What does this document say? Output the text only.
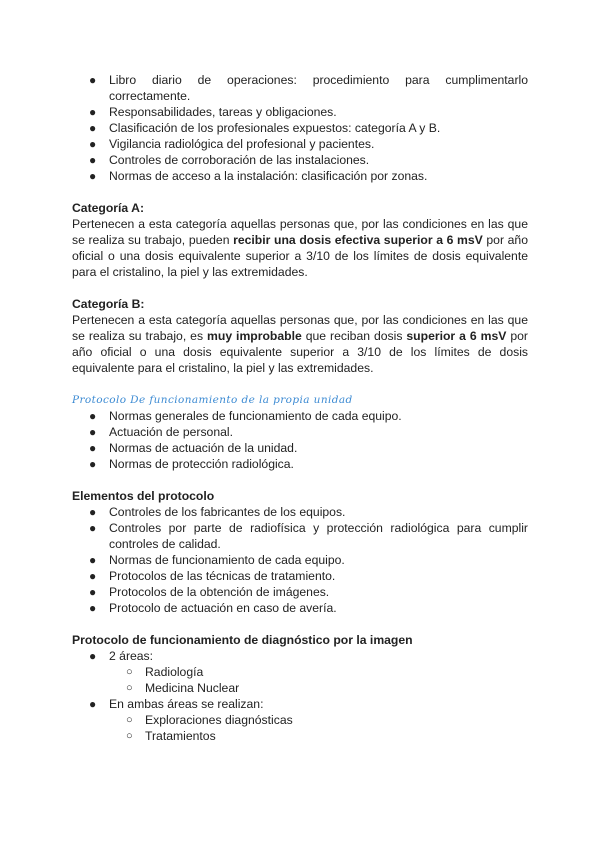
● Libro diario de operaciones: procedimiento para cumplimentarlo correctamente.
● Responsabilidades, tareas y obligaciones.
● Clasificación de los profesionales expuestos: categoría A y B.
● Vigilancia radiológica del profesional y pacientes.
● Controles de corroboración de las instalaciones.
● Normas de acceso a la instalación: clasificación por zonas.
Categoría A:

Pertenecen a esta categoría aquellas personas que, por las condiciones en las que se realiza su trabajo, pueden recibir una dosis efectiva superior a 6 msV por año oficial o una dosis equivalente superior a 3/10 de los límites de dosis equivalente para el cristalino, la piel y las extremidades.

Categoría B:

Pertenecen a esta categoría aquellas personas que, por las condiciones en las que se realiza su trabajo, es muy improbable que reciban dosis superior a 6 msV por año oficial o una dosis equivalente superior a 3/10 de los límites de dosis equivalente para el cristalino, la piel y las extremidades.

Protocolo De funcionamiento de la propia unidad
● Normas generales de funcionamiento de cada equipo.
● Actuación de personal.
● Normas de actuación de la unidad.
● Normas de protección radiológica.
Elementos del protocolo
● Controles de los fabricantes de los equipos.
● Controles por parte de radiofísica y protección radiológica para cumplir controles de calidad.
● Normas de funcionamiento de cada equipo.
● Protocolos de las técnicas de tratamiento.
● Protocolos de la obtención de imágenes.
● Protocolo de actuación en caso de avería.
Protocolo de funcionamiento de diagnóstico por la imagen
● 2 áreas:
○ Radiología
○ Medicina Nuclear
● En ambas áreas se realizan:
○ Exploraciones diagnósticas
○ Tratamientos
